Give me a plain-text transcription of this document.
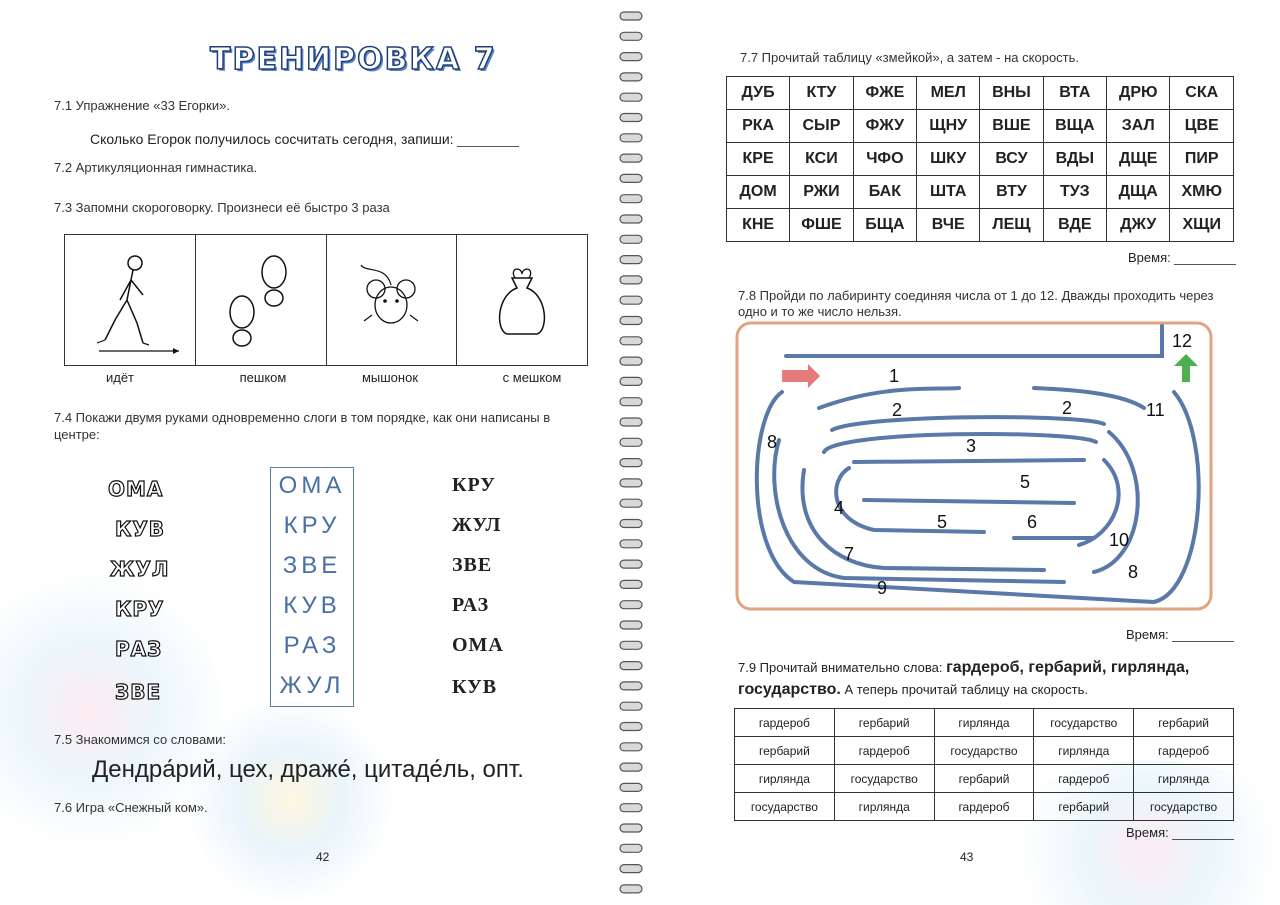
ТРЕНИРОВКА 7
7.1 Упражнение «33 Егорки».
Сколько Егорок получилось сосчитать сегодня, запиши:
7.2 Артикуляционная гимнастика.
7.3 Запомни скороговорку. Произнеси её быстро 3 раза
идёт	пешком	мышонок	с мешком
7.4 Покажи двумя руками одновременно слоги в том порядке, как они написаны в центре:
ОМА
КУВ
ЖУЛ
КРУ
РАЗ
ЗВЕ
ОМА
КРУ
ЗВЕ
КУВ
РАЗ
ЖУЛ
КРУ
ЖУЛ
ЗВЕ
РАЗ
ОМА
КУВ
7.5 Знакомимся со словами:
Дендра́рий, цех, драже́, цитаде́ль, опт.
7.6 Игра «Снежный ком».
42
7.7 Прочитай таблицу «змейкой», а затем - на скорость.
ДУБ	КТУ	ФЖЕ	МЕЛ	ВНЫ	ВТА	ДРЮ	СКА
РКА	СЫР	ФЖУ	ЩНУ	ВШЕ	ВЩА	ЗАЛ	ЦВЕ
КРЕ	КСИ	ЧФО	ШКУ	ВСУ	ВДЫ	ДЩЕ	ПИР
ДОМ	РЖИ	БАК	ШТА	ВТУ	ТУЗ	ДЩА	ХМЮ
КНЕ	ФШЕ	БЩА	ВЧЕ	ЛЕЩ	ВДЕ	ДЖУ	ХЩИ
Время:
7.8 Пройди по лабиринту соединяя числа от 1 до 12. Дважды проходить через одно и то же число нельзя.
1
2	2
3
4
5
5	6
7
8
8
9
10
11
12
Время:
7.9 Прочитай внимательно слова: гардероб, гербарий, гирлянда, государство. А теперь прочитай таблицу на скорость.
гардероб	гербарий	гирлянда	государство	гербарий
гербарий	гардероб	государство	гирлянда	гардероб
гирлянда	государство	гербарий	гардероб	гирлянда
государство	гирлянда	гардероб	гербарий	государство
Время:
43
